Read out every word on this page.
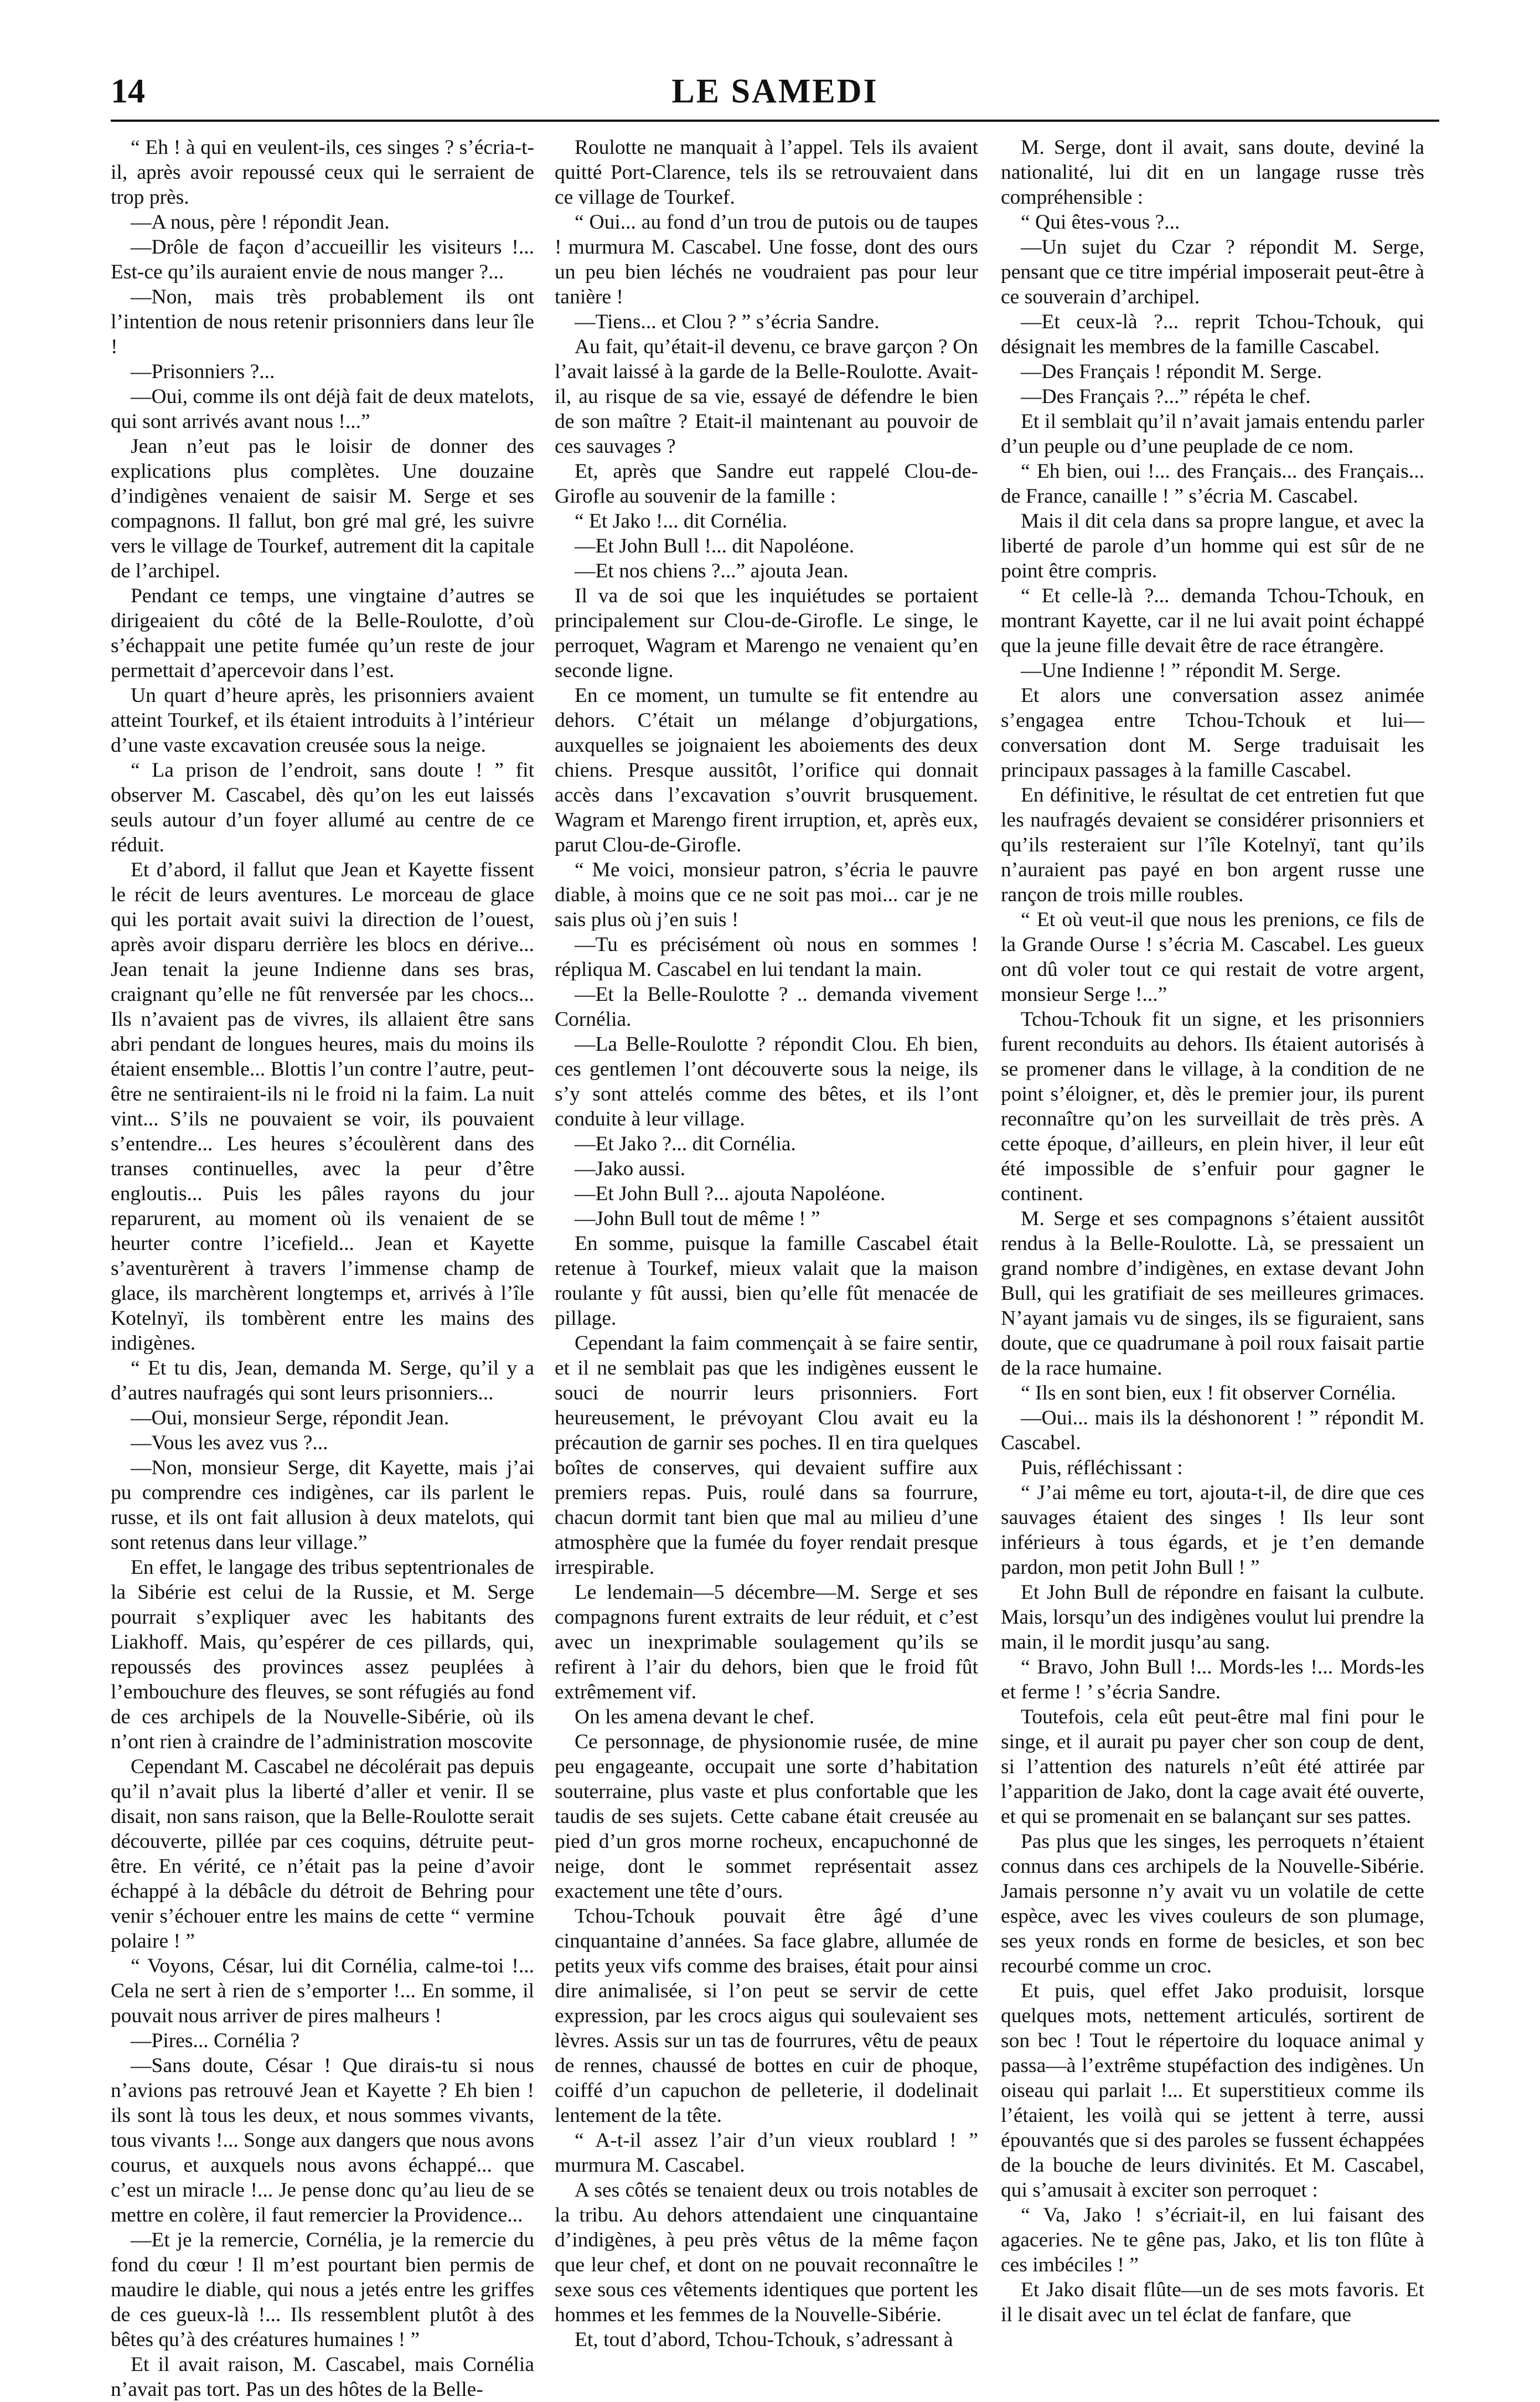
14	LE SAMEDI

“ Eh ! à qui en veulent-ils, ces singes ? s’écria-t-il, après avoir repoussé ceux qui le serraient de trop près.

—A nous, père ! répondit Jean.

—Drôle de façon d’accueillir les visiteurs !... Est-ce qu’ils auraient envie de nous manger ?...

—Non, mais très probablement ils ont l’intention de nous retenir prisonniers dans leur île !

—Prisonniers ?...

—Oui, comme ils ont déjà fait de deux matelots, qui sont arrivés avant nous !...”

Jean n’eut pas le loisir de donner des explications plus complètes. Une douzaine d’indigènes venaient de saisir M. Serge et ses compagnons. Il fallut, bon gré mal gré, les suivre vers le village de Tourkef, autrement dit la capitale de l’archipel.

Pendant ce temps, une vingtaine d’autres se dirigeaient du côté de la Belle-Roulotte, d’où s’échappait une petite fumée qu’un reste de jour permettait d’apercevoir dans l’est.

Un quart d’heure après, les prisonniers avaient atteint Tourkef, et ils étaient introduits à l’intérieur d’une vaste excavation creusée sous la neige.

“ La prison de l’endroit, sans doute ! ” fit observer M. Cascabel, dès qu’on les eut laissés seuls autour d’un foyer allumé au centre de ce réduit.

Et d’abord, il fallut que Jean et Kayette fissent le récit de leurs aventures. Le morceau de glace qui les portait avait suivi la direction de l’ouest, après avoir disparu derrière les blocs en dérive... Jean tenait la jeune Indienne dans ses bras, craignant qu’elle ne fût renversée par les chocs... Ils n’avaient pas de vivres, ils allaient être sans abri pendant de longues heures, mais du moins ils étaient ensemble... Blottis l’un contre l’autre, peut-être ne sentiraient-ils ni le froid ni la faim. La nuit vint... S’ils ne pouvaient se voir, ils pouvaient s’entendre... Les heures s’écoulèrent dans des transes continuelles, avec la peur d’être engloutis... Puis les pâles rayons du jour reparurent, au moment où ils venaient de se heurter contre l’icefield... Jean et Kayette s’aventurèrent à travers l’immense champ de glace, ils marchèrent longtemps et, arrivés à l’île Kotelnyï, ils tombèrent entre les mains des indigènes.

“ Et tu dis, Jean, demanda M. Serge, qu’il y a d’autres naufragés qui sont leurs prisonniers...

—Oui, monsieur Serge, répondit Jean.

—Vous les avez vus ?...

—Non, monsieur Serge, dit Kayette, mais j’ai pu comprendre ces indigènes, car ils parlent le russe, et ils ont fait allusion à deux matelots, qui sont retenus dans leur village.”

En effet, le langage des tribus septentrionales de la Sibérie est celui de la Russie, et M. Serge pourrait s’expliquer avec les habitants des Liakhoff. Mais, qu’espérer de ces pillards, qui, repoussés des provinces assez peuplées à l’embouchure des fleuves, se sont réfugiés au fond de ces archipels de la Nouvelle-Sibérie, où ils n’ont rien à craindre de l’administration moscovite

Cependant M. Cascabel ne décolérait pas depuis qu’il n’avait plus la liberté d’aller et venir. Il se disait, non sans raison, que la Belle-Roulotte serait découverte, pillée par ces coquins, détruite peut-être. En vérité, ce n’était pas la peine d’avoir échappé à la débâcle du détroit de Behring pour venir s’échouer entre les mains de cette “ vermine polaire ! ”

“ Voyons, César, lui dit Cornélia, calme-toi !... Cela ne sert à rien de s’emporter !... En somme, il pouvait nous arriver de pires malheurs !

—Pires... Cornélia ?

—Sans doute, César ! Que dirais-tu si nous n’avions pas retrouvé Jean et Kayette ? Eh bien ! ils sont là tous les deux, et nous sommes vivants, tous vivants !... Songe aux dangers que nous avons courus, et auxquels nous avons échappé... que c’est un miracle !... Je pense donc qu’au lieu de se mettre en colère, il faut remercier la Providence...

—Et je la remercie, Cornélia, je la remercie du fond du cœur ! Il m’est pourtant bien permis de maudire le diable, qui nous a jetés entre les griffes de ces gueux-là !... Ils ressemblent plutôt à des bêtes qu’à des créatures humaines ! ”

Et il avait raison, M. Cascabel, mais Cornélia n’avait pas tort. Pas un des hôtes de la Belle-

Roulotte ne manquait à l’appel. Tels ils avaient quitté Port-Clarence, tels ils se retrouvaient dans ce village de Tourkef.

“ Oui... au fond d’un trou de putois ou de taupes ! murmura M. Cascabel. Une fosse, dont des ours un peu bien léchés ne voudraient pas pour leur tanière !

—Tiens... et Clou ? ” s’écria Sandre.

Au fait, qu’était-il devenu, ce brave garçon ? On l’avait laissé à la garde de la Belle-Roulotte. Avait-il, au risque de sa vie, essayé de défendre le bien de son maître ? Etait-il maintenant au pouvoir de ces sauvages ?

Et, après que Sandre eut rappelé Clou-de-Girofle au souvenir de la famille :

“ Et Jako !... dit Cornélia.

—Et John Bull !... dit Napoléone.

—Et nos chiens ?...” ajouta Jean.

Il va de soi que les inquiétudes se portaient principalement sur Clou-de-Girofle. Le singe, le perroquet, Wagram et Marengo ne venaient qu’en seconde ligne.

En ce moment, un tumulte se fit entendre au dehors. C’était un mélange d’objurgations, auxquelles se joignaient les aboiements des deux chiens. Presque aussitôt, l’orifice qui donnait accès dans l’excavation s’ouvrit brusquement. Wagram et Marengo firent irruption, et, après eux, parut Clou-de-Girofle.

“ Me voici, monsieur patron, s’écria le pauvre diable, à moins que ce ne soit pas moi... car je ne sais plus où j’en suis !

—Tu es précisément où nous en sommes ! répliqua M. Cascabel en lui tendant la main.

—Et la Belle-Roulotte ? .. demanda vivement Cornélia.

—La Belle-Roulotte ? répondit Clou. Eh bien, ces gentlemen l’ont découverte sous la neige, ils s’y sont attelés comme des bêtes, et ils l’ont conduite à leur village.

—Et Jako ?... dit Cornélia.

—Jako aussi.

—Et John Bull ?... ajouta Napoléone.

—John Bull tout de même ! ”

En somme, puisque la famille Cascabel était retenue à Tourkef, mieux valait que la maison roulante y fût aussi, bien qu’elle fût menacée de pillage.

Cependant la faim commençait à se faire sentir, et il ne semblait pas que les indigènes eussent le souci de nourrir leurs prisonniers. Fort heureusement, le prévoyant Clou avait eu la précaution de garnir ses poches. Il en tira quelques boîtes de conserves, qui devaient suffire aux premiers repas. Puis, roulé dans sa fourrure, chacun dormit tant bien que mal au milieu d’une atmosphère que la fumée du foyer rendait presque irrespirable.

Le lendemain—5 décembre—M. Serge et ses compagnons furent extraits de leur réduit, et c’est avec un inexprimable soulagement qu’ils se refirent à l’air du dehors, bien que le froid fût extrêmement vif.

On les amena devant le chef.

Ce personnage, de physionomie rusée, de mine peu engageante, occupait une sorte d’habitation souterraine, plus vaste et plus confortable que les taudis de ses sujets. Cette cabane était creusée au pied d’un gros morne rocheux, encapuchonné de neige, dont le sommet représentait assez exactement une tête d’ours.

Tchou-Tchouk pouvait être âgé d’une cinquantaine d’années. Sa face glabre, allumée de petits yeux vifs comme des braises, était pour ainsi dire animalisée, si l’on peut se servir de cette expression, par les crocs aigus qui soulevaient ses lèvres. Assis sur un tas de fourrures, vêtu de peaux de rennes, chaussé de bottes en cuir de phoque, coiffé d’un capuchon de pelleterie, il dodelinait lentement de la tête.

“ A-t-il assez l’air d’un vieux roublard ! ” murmura M. Cascabel.

A ses côtés se tenaient deux ou trois notables de la tribu. Au dehors attendaient une cinquantaine d’indigènes, à peu près vêtus de la même façon que leur chef, et dont on ne pouvait reconnaître le sexe sous ces vêtements identiques que portent les hommes et les femmes de la Nouvelle-Sibérie.

Et, tout d’abord, Tchou-Tchouk, s’adressant à

M. Serge, dont il avait, sans doute, deviné la nationalité, lui dit en un langage russe très compréhensible :

“ Qui êtes-vous ?...

—Un sujet du Czar ? répondit M. Serge, pensant que ce titre impérial imposerait peut-être à ce souverain d’archipel.

—Et ceux-là ?... reprit Tchou-Tchouk, qui désignait les membres de la famille Cascabel.

—Des Français ! répondit M. Serge.

—Des Français ?...” répéta le chef.

Et il semblait qu’il n’avait jamais entendu parler d’un peuple ou d’une peuplade de ce nom.

“ Eh bien, oui !... des Français... des Français... de France, canaille ! ” s’écria M. Cascabel.

Mais il dit cela dans sa propre langue, et avec la liberté de parole d’un homme qui est sûr de ne point être compris.

“ Et celle-là ?... demanda Tchou-Tchouk, en montrant Kayette, car il ne lui avait point échappé que la jeune fille devait être de race étrangère.

—Une Indienne ! ” répondit M. Serge.

Et alors une conversation assez animée s’engagea entre Tchou-Tchouk et lui—conversation dont M. Serge traduisait les principaux passages à la famille Cascabel.

En définitive, le résultat de cet entretien fut que les naufragés devaient se considérer prisonniers et qu’ils resteraient sur l’île Kotelnyï, tant qu’ils n’auraient pas payé en bon argent russe une rançon de trois mille roubles.

“ Et où veut-il que nous les prenions, ce fils de la Grande Ourse ! s’écria M. Cascabel. Les gueux ont dû voler tout ce qui restait de votre argent, monsieur Serge !...”

Tchou-Tchouk fit un signe, et les prisonniers furent reconduits au dehors. Ils étaient autorisés à se promener dans le village, à la condition de ne point s’éloigner, et, dès le premier jour, ils purent reconnaître qu’on les surveillait de très près. A cette époque, d’ailleurs, en plein hiver, il leur eût été impossible de s’enfuir pour gagner le continent.

M. Serge et ses compagnons s’étaient aussitôt rendus à la Belle-Roulotte. Là, se pressaient un grand nombre d’indigènes, en extase devant John Bull, qui les gratifiait de ses meilleures grimaces. N’ayant jamais vu de singes, ils se figuraient, sans doute, que ce quadrumane à poil roux faisait partie de la race humaine.

“ Ils en sont bien, eux ! fit observer Cornélia.

—Oui... mais ils la déshonorent ! ” répondit M. Cascabel.

Puis, réfléchissant :

“ J’ai même eu tort, ajouta-t-il, de dire que ces sauvages étaient des singes ! Ils leur sont inférieurs à tous égards, et je t’en demande pardon, mon petit John Bull ! ”

Et John Bull de répondre en faisant la culbute. Mais, lorsqu’un des indigènes voulut lui prendre la main, il le mordit jusqu’au sang.

“ Bravo, John Bull !... Mords-les !... Mords-les et ferme ! ’ s’écria Sandre.

Toutefois, cela eût peut-être mal fini pour le singe, et il aurait pu payer cher son coup de dent, si l’attention des naturels n’eût été attirée par l’apparition de Jako, dont la cage avait été ouverte, et qui se promenait en se balançant sur ses pattes.

Pas plus que les singes, les perroquets n’étaient connus dans ces archipels de la Nouvelle-Sibérie. Jamais personne n’y avait vu un volatile de cette espèce, avec les vives couleurs de son plumage, ses yeux ronds en forme de besicles, et son bec recourbé comme un croc.

Et puis, quel effet Jako produisit, lorsque quelques mots, nettement articulés, sortirent de son bec ! Tout le répertoire du loquace animal y passa—à l’extrême stupéfaction des indigènes. Un oiseau qui parlait !... Et superstitieux comme ils l’étaient, les voilà qui se jettent à terre, aussi épouvantés que si des paroles se fussent échappées de la bouche de leurs divinités. Et M. Cascabel, qui s’amusait à exciter son perroquet :

“ Va, Jako ! s’écriait-il, en lui faisant des agaceries. Ne te gêne pas, Jako, et lis ton flûte à ces imbéciles ! ”

Et Jako disait flûte—un de ses mots favoris. Et il le disait avec un tel éclat de fanfare, que
